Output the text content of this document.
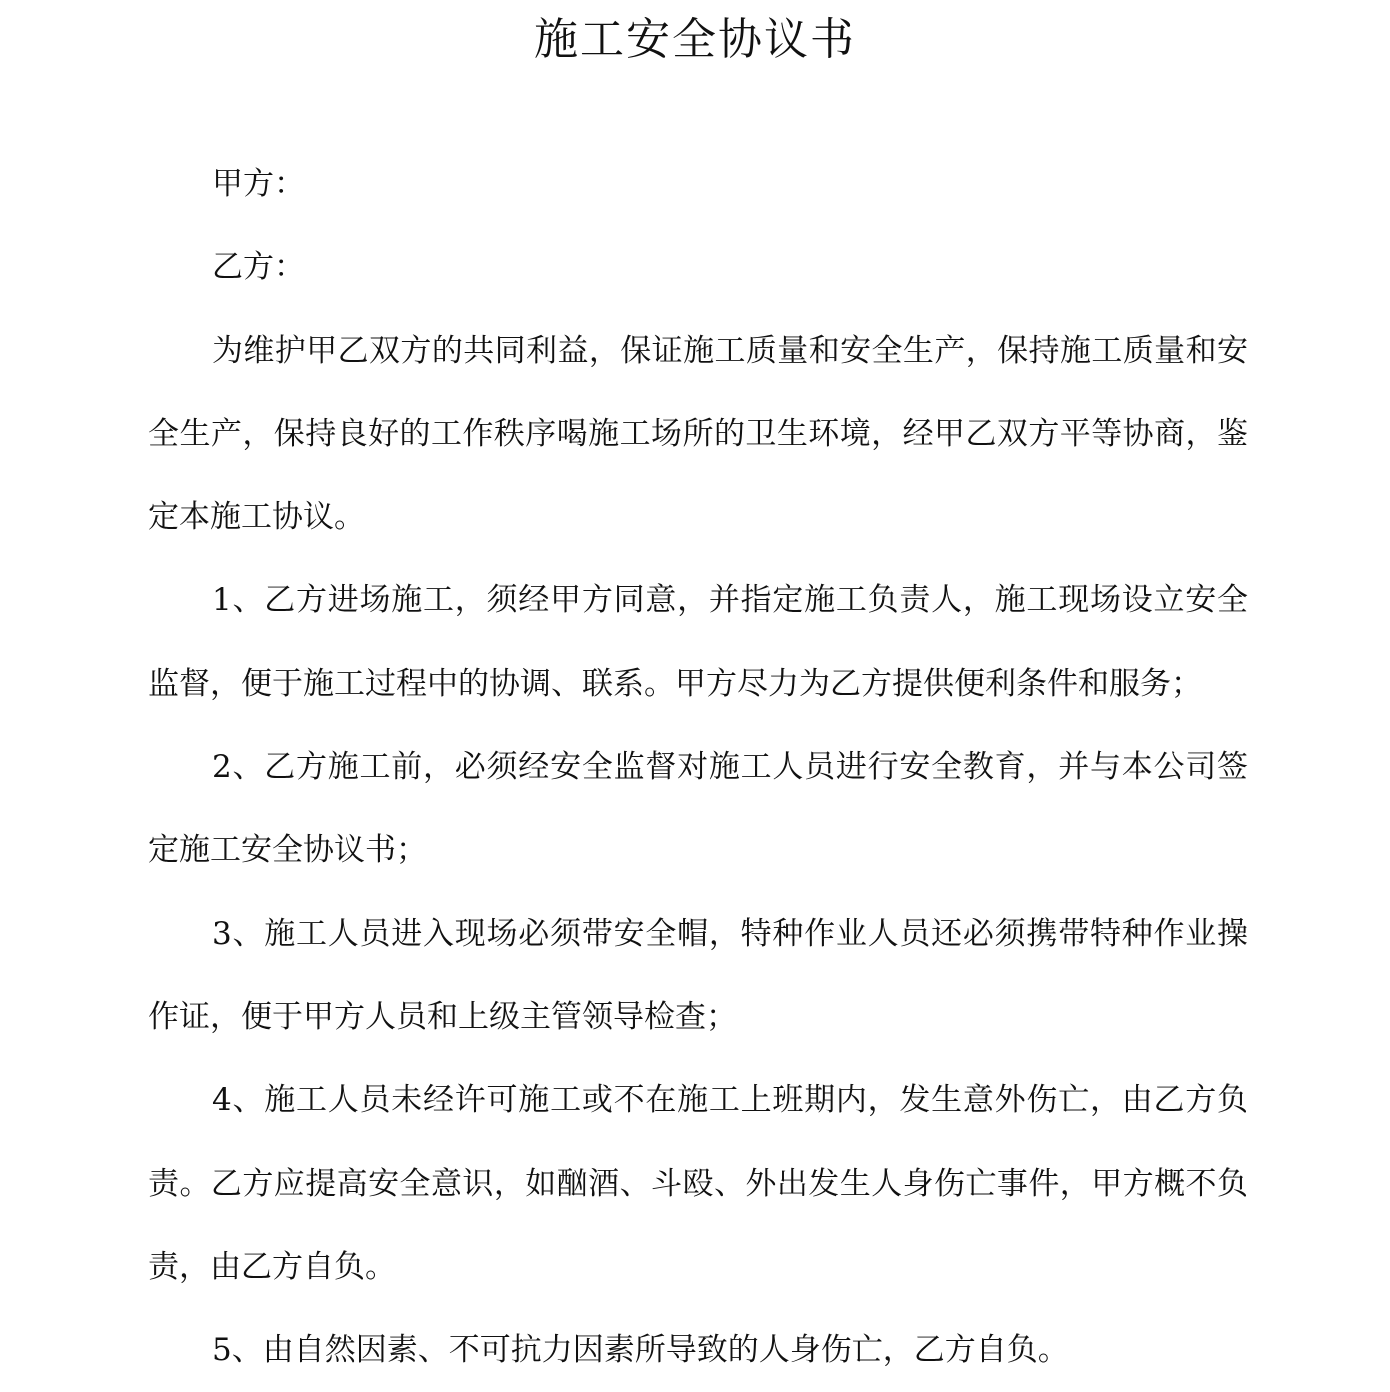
施工安全协议书

甲方：

乙方：

为维护甲乙双方的共同利益，保证施工质量和安全生产，保持施工质量和安全生产，保持良好的工作秩序喝施工场所的卫生环境，经甲乙双方平等协商，鉴定本施工协议。

1、乙方进场施工，须经甲方同意，并指定施工负责人，施工现场设立安全监督，便于施工过程中的协调、联系。甲方尽力为乙方提供便利条件和服务；

2、乙方施工前，必须经安全监督对施工人员进行安全教育，并与本公司签定施工安全协议书；

3、施工人员进入现场必须带安全帽，特种作业人员还必须携带特种作业操作证，便于甲方人员和上级主管领导检查；

4、施工人员未经许可施工或不在施工上班期内，发生意外伤亡，由乙方负责。乙方应提高安全意识，如酗酒、斗殴、外出发生人身伤亡事件，甲方概不负责，由乙方自负。

5、由自然因素、不可抗力因素所导致的人身伤亡，乙方自负。
